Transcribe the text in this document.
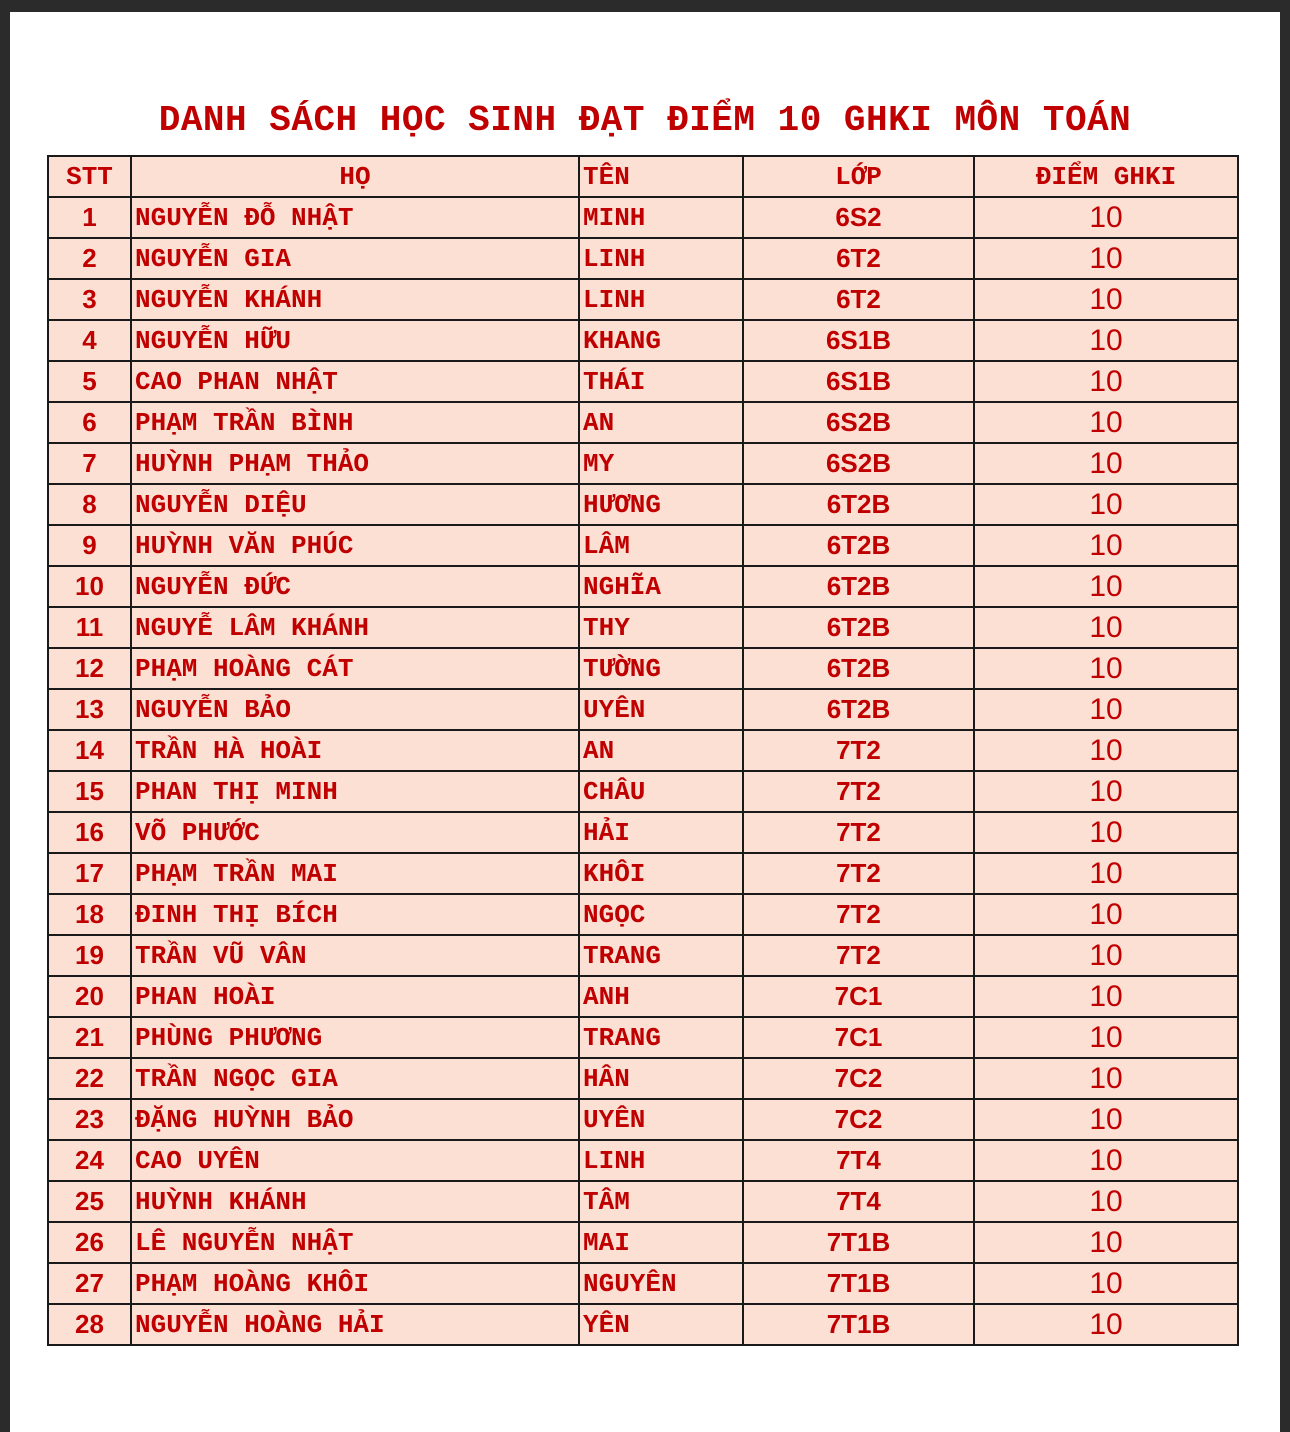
DANH SÁCH HỌC SINH ĐẠT ĐIỂM 10 GHKI MÔN TOÁN
STT	HỌ	TÊN	LỚP	ĐIỂM GHKI
1	NGUYỄN ĐỖ NHẬT	MINH	6S2	10
2	NGUYỄN GIA	LINH	6T2	10
3	NGUYỄN KHÁNH	LINH	6T2	10
4	NGUYỄN HỮU	KHANG	6S1B	10
5	CAO PHAN NHẬT	THÁI	6S1B	10
6	PHẠM TRẦN BÌNH	AN	6S2B	10
7	HUỲNH PHẠM THẢO	MY	6S2B	10
8	NGUYỄN DIỆU	HƯƠNG	6T2B	10
9	HUỲNH VĂN PHÚC	LÂM	6T2B	10
10	NGUYỄN ĐỨC	NGHĨA	6T2B	10
11	NGUYỄ LÂM KHÁNH	THY	6T2B	10
12	PHẠM HOÀNG CÁT	TƯỜNG	6T2B	10
13	NGUYỄN BẢO	UYÊN	6T2B	10
14	TRẦN HÀ HOÀI	AN	7T2	10
15	PHAN THỊ MINH	CHÂU	7T2	10
16	VÕ PHƯỚC	HẢI	7T2	10
17	PHẠM TRẦN MAI	KHÔI	7T2	10
18	ĐINH THỊ BÍCH	NGỌC	7T2	10
19	TRẦN VŨ VÂN	TRANG	7T2	10
20	PHAN HOÀI	ANH	7C1	10
21	PHÙNG PHƯƠNG	TRANG	7C1	10
22	TRẦN NGỌC GIA	HÂN	7C2	10
23	ĐẶNG HUỲNH BẢO	UYÊN	7C2	10
24	CAO UYÊN	LINH	7T4	10
25	HUỲNH KHÁNH	TÂM	7T4	10
26	LÊ NGUYỄN NHẬT	MAI	7T1B	10
27	PHẠM HOÀNG KHÔI	NGUYÊN	7T1B	10
28	NGUYỄN HOÀNG HẢI	YÊN	7T1B	10
